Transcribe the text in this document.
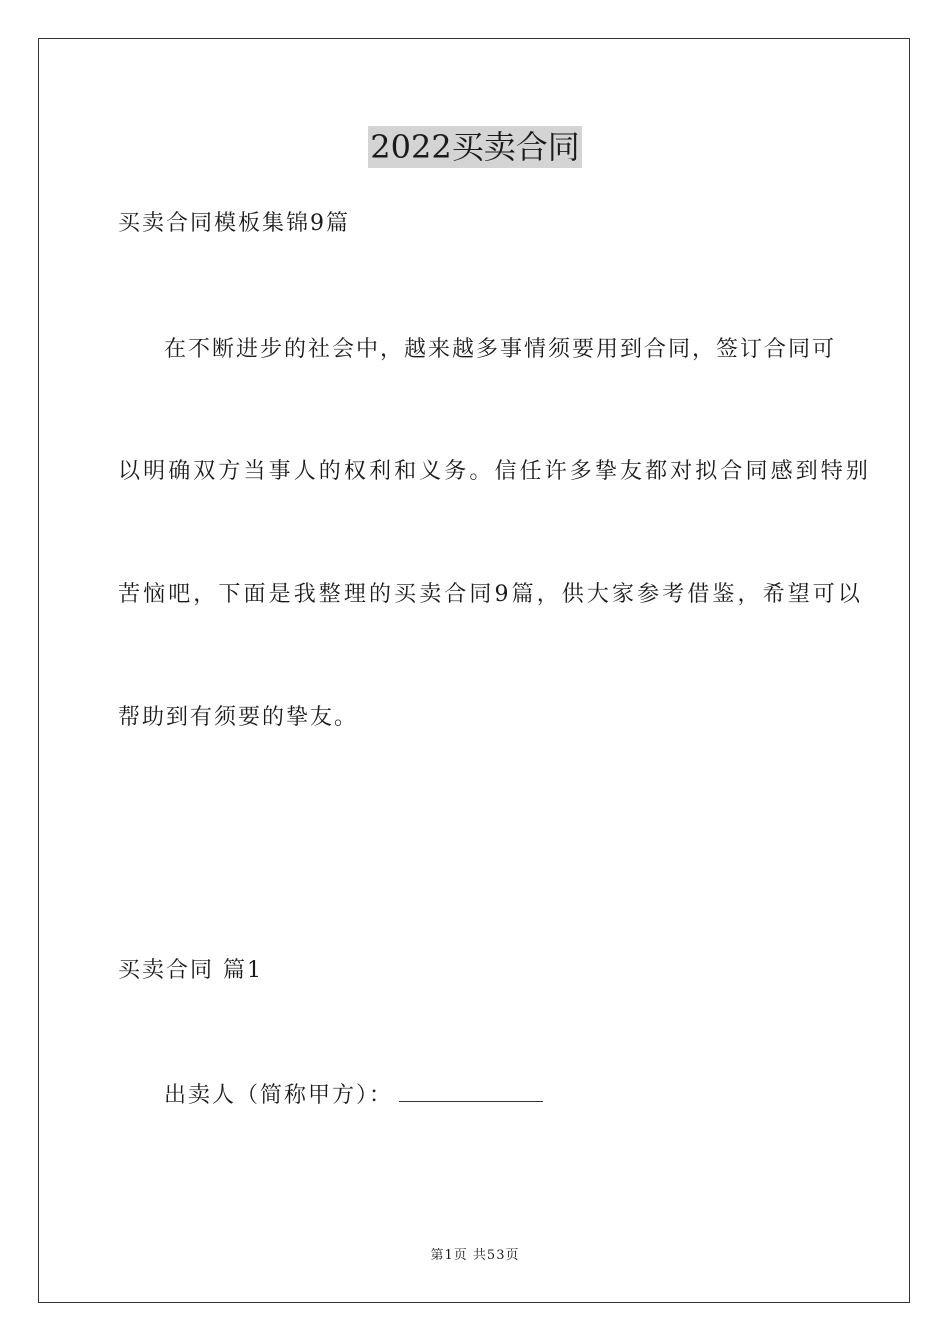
2022买卖合同
买卖合同模板集锦9篇
在不断进步的社会中，越来越多事情须要用到合同，签订合同可
以明确双方当事人的权利和义务。信任许多挚友都对拟合同感到特别
苦恼吧，下面是我整理的买卖合同9篇，供大家参考借鉴，希望可以
帮助到有须要的挚友。
买卖合同 篇1
出卖人（简称甲方）：
第1页 共53页
